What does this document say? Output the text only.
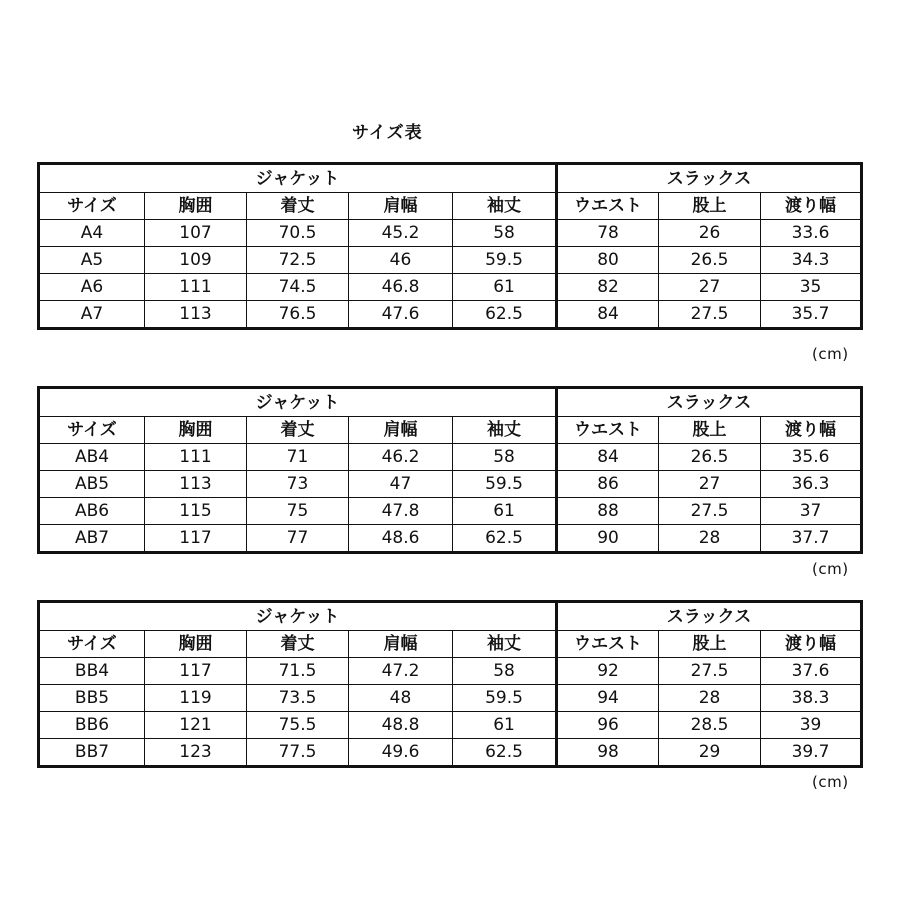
サイズ表
ジャケット					スラックス		
サイズ	胸囲	着丈	肩幅	袖丈	ウエスト	股上	渡り幅
A4	107	70.5	45.2	58	78	26	33.6
A5	109	72.5	46	59.5	80	26.5	34.3
A6	111	74.5	46.8	61	82	27	35
A7	113	76.5	47.6	62.5	84	27.5	35.7
(cm)
ジャケット					スラックス		
サイズ	胸囲	着丈	肩幅	袖丈	ウエスト	股上	渡り幅
AB4	111	71	46.2	58	84	26.5	35.6
AB5	113	73	47	59.5	86	27	36.3
AB6	115	75	47.8	61	88	27.5	37
AB7	117	77	48.6	62.5	90	28	37.7
(cm)
ジャケット					スラックス		
サイズ	胸囲	着丈	肩幅	袖丈	ウエスト	股上	渡り幅
BB4	117	71.5	47.2	58	92	27.5	37.6
BB5	119	73.5	48	59.5	94	28	38.3
BB6	121	75.5	48.8	61	96	28.5	39
BB7	123	77.5	49.6	62.5	98	29	39.7
(cm)
